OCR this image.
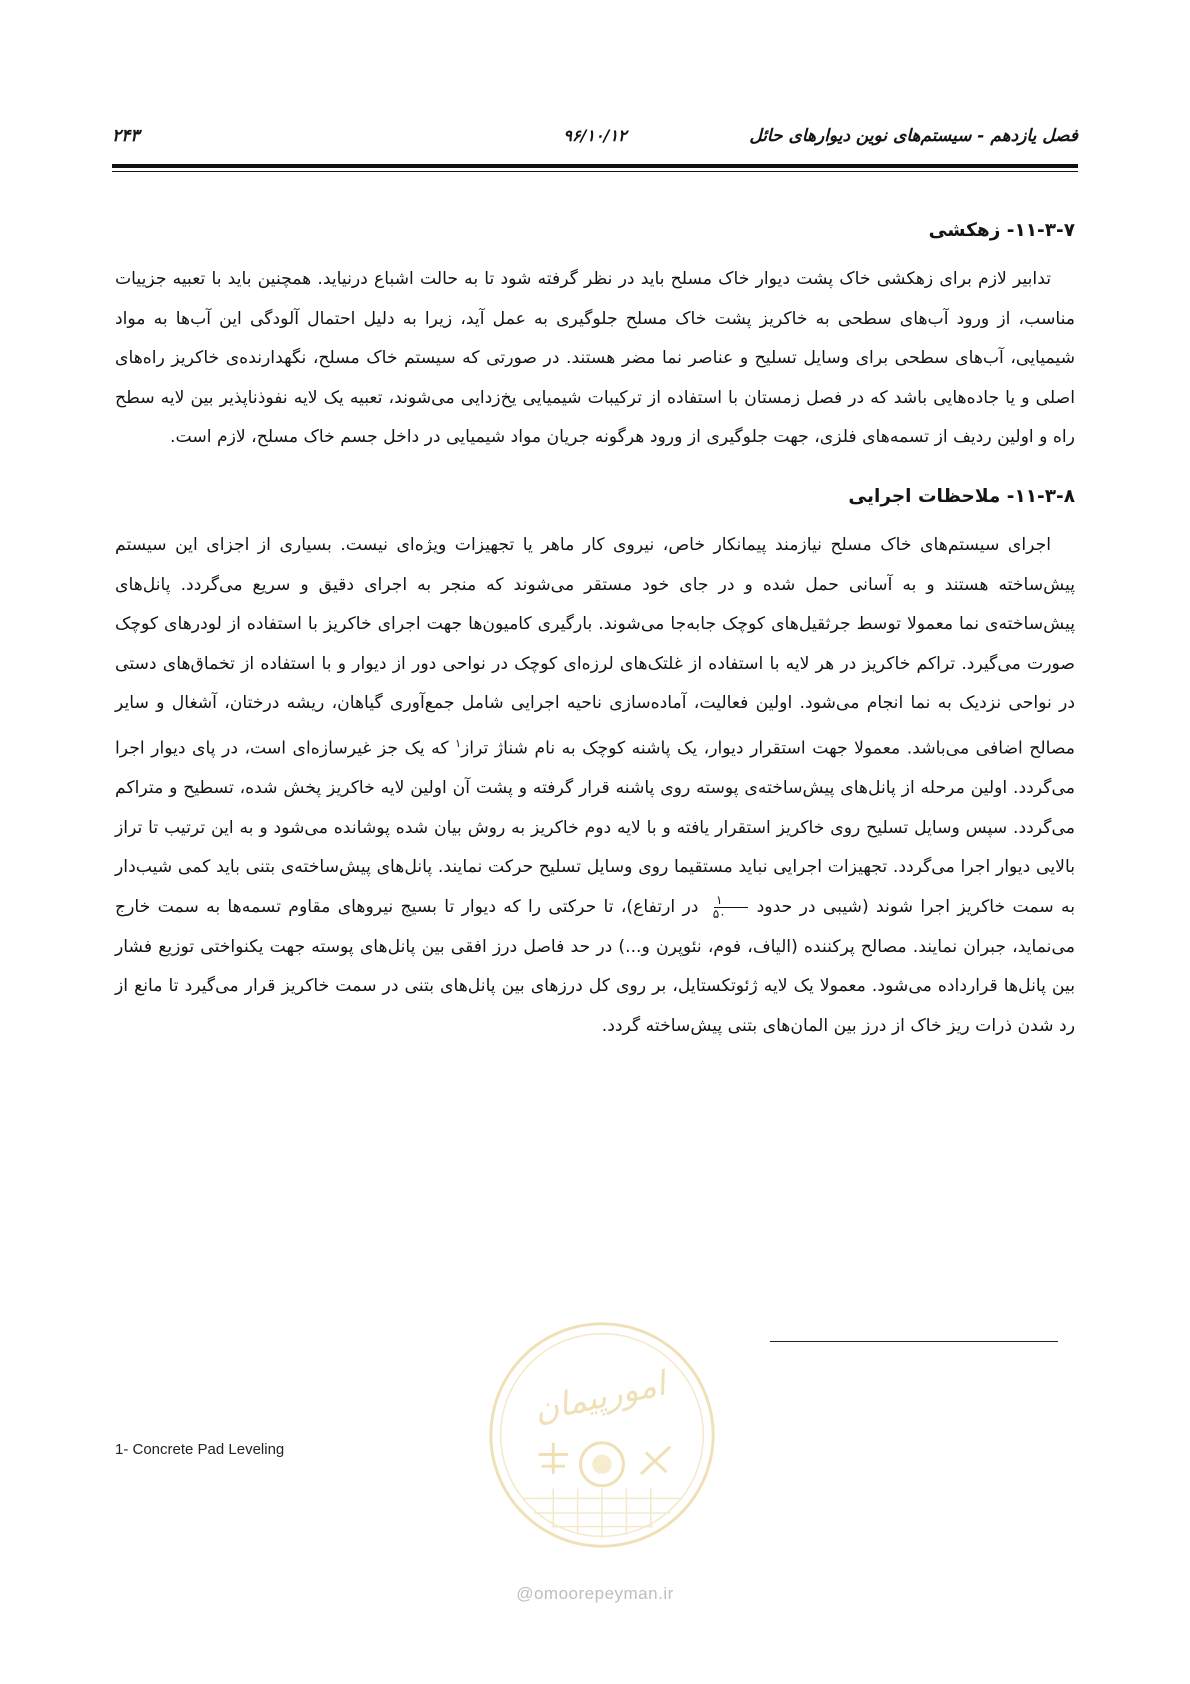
فصل یازدهم - سیستم‌های نوین دیوارهای حائل
۹۶/۱۰/۱۲
۲۴۳
۱۱-۳-۷- زهکشی

تدابیر لازم برای زهکشی خاک پشت دیوار خاک مسلح باید در نظر گرفته شود تا به حالت اشباع درنیاید. همچنین باید با تعبیه جزییات مناسب، از ورود آب‌های سطحی به خاکریز پشت خاک مسلح جلوگیری به عمل آید، زیرا به دلیل احتمال آلودگی این آب‌ها به مواد شیمیایی، آب‌های سطحی برای وسایل تسلیح و عناصر نما مضر هستند. در صورتی که سیستم خاک مسلح، نگهدارنده‌ی خاکریز راه‌های اصلی و یا جاده‌هایی باشد که در فصل زمستان با استفاده از ترکیبات شیمیایی یخ‌زدایی می‌شوند، تعبیه یک لایه نفوذناپذیر بین لایه سطح راه و اولین ردیف از تسمه‌های فلزی، جهت جلوگیری از ورود هرگونه جریان مواد شیمیایی در داخل جسم خاک مسلح، لازم است.

۱۱-۳-۸- ملاحظات اجرایی

اجرای سیستم‌های خاک مسلح نیازمند پیمانکار خاص، نیروی کار ماهر یا تجهیزات ویژه‌ای نیست. بسیاری از اجزای این سیستم پیش‌ساخته هستند و به آسانی حمل شده و در جای خود مستقر می‌شوند که منجر به اجرای دقیق و سریع می‌گردد. پانل‌های پیش‌ساخته‌ی نما معمولا توسط جرثقیل‌های کوچک جابه‌جا می‌شوند. بارگیری کامیون‌ها جهت اجرای خاکریز با استفاده از لودرهای کوچک صورت می‌گیرد. تراکم خاکریز در هر لایه با استفاده از غلتک‌های لرزه‌ای کوچک در نواحی دور از دیوار و با استفاده از تخماق‌های دستی در نواحی نزدیک به نما انجام می‌شود. اولین فعالیت، آماده‌سازی ناحیه اجرایی شامل جمع‌آوری گیاهان، ریشه درختان، آشغال و سایر مصالح اضافی می‌باشد. معمولا جهت استقرار دیوار، یک پاشنه کوچک به نام شناژ تراز$^۱$ که یک جز غیرسازه‌ای است، در پای دیوار اجرا می‌گردد. اولین مرحله از پانل‌های پیش‌ساخته‌ی پوسته روی پاشنه قرار گرفته و پشت آن اولین لایه خاکریز پخش شده، تسطیح و متراکم می‌گردد. سپس وسایل تسلیح روی خاکریز استقرار یافته و با لایه دوم خاکریز به روش بیان شده پوشانده می‌شود و به این ترتیب تا تراز بالایی دیوار اجرا می‌گردد. تجهیزات اجرایی نباید مستقیما روی وسایل تسلیح حرکت نمایند. پانل‌های پیش‌ساخته‌ی بتنی باید کمی شیب‌دار به سمت خاکریز اجرا شوند (شیبی در حدود
$\frac{۱}{۵۰}$
در ارتفاع)، تا حرکتی را که دیوار تا بسیج نیروهای مقاوم تسمه‌ها به سمت خارج می‌نماید، جبران نمایند. مصالح پرکننده (الیاف، فوم، نئوپرن و...) در حد فاصل درز افقی بین پانل‌های پوسته جهت یکنواختی توزیع فشار بین پانل‌ها قرارداده می‌شود. معمولا یک لایه ژئوتکستایل، بر روی کل درزهای بین پانل‌های بتنی در سمت خاکریز قرار می‌گیرد تا مانع از رد شدن ذرات ریز خاک از درز بین المان‌های بتنی پیش‌ساخته گردد.

1- Concrete Pad Leveling
امورپیمان
@omoorepeyman.ir
